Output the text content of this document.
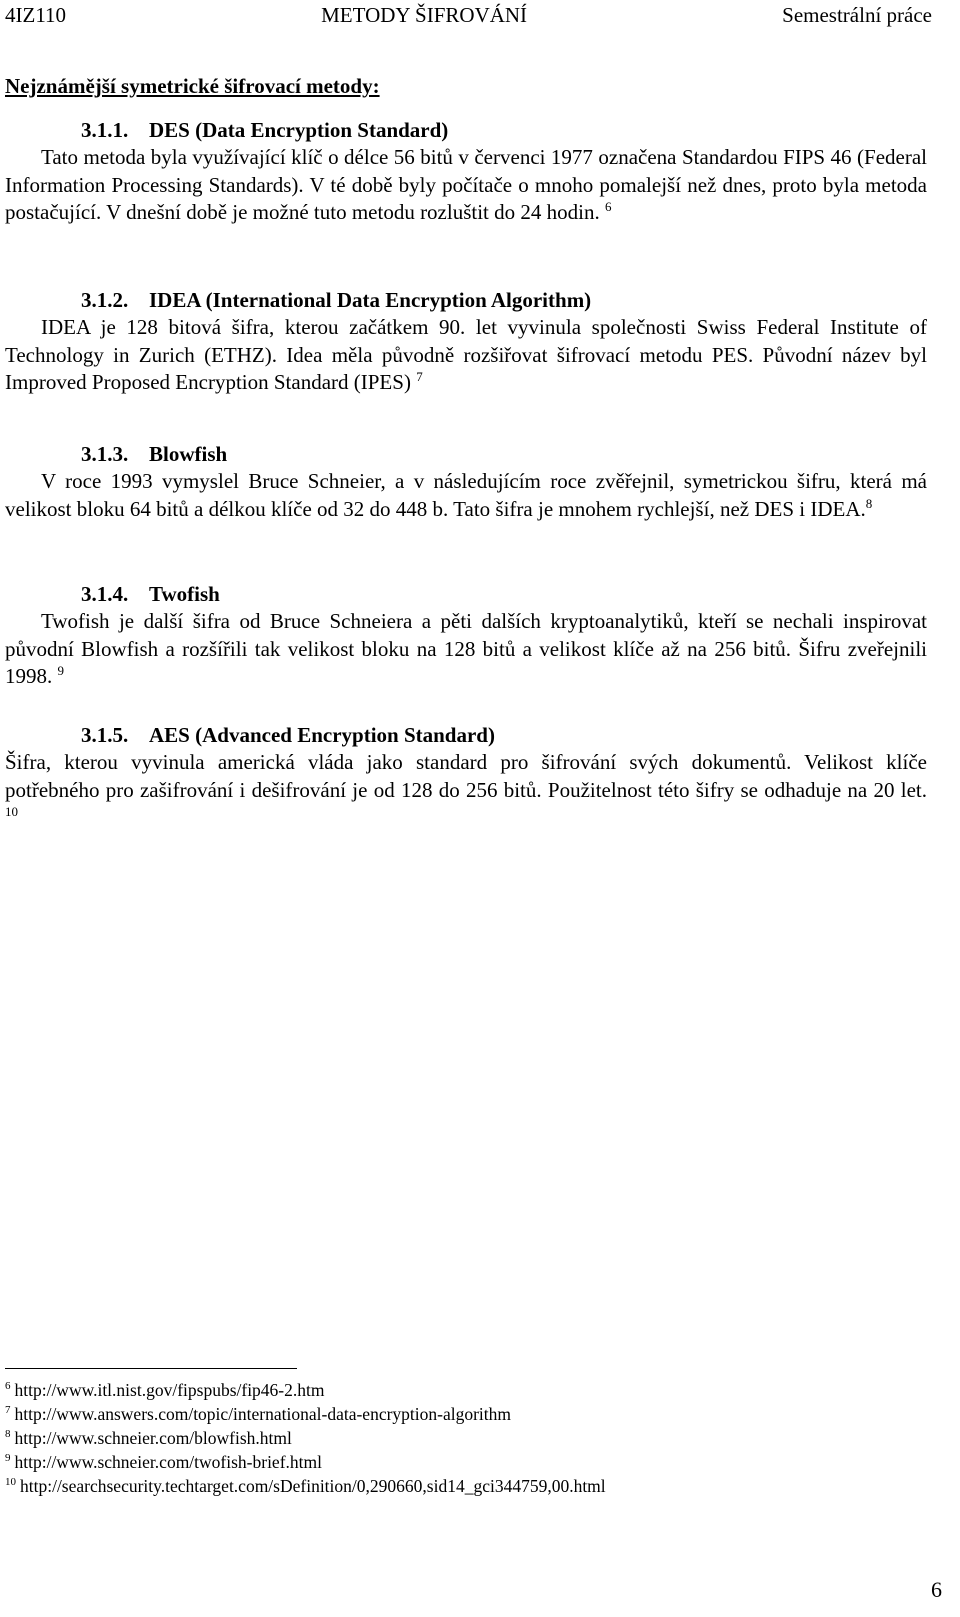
4IZ110	METODY ŠIFROVÁNÍ	Semestrální práce
Nejznámější symetrické šifrovací metody:
3.1.1. DES (Data Encryption Standard)
Tato metoda byla využívající klíč o délce 56 bitů v červenci 1977 označena Standardou FIPS 46 (Federal Information Processing Standards). V té době byly počítače o mnoho pomalejší než dnes, proto byla metoda postačující. V dnešní době je možné tuto metodu rozluštit do 24 hodin. $^6$
3.1.2. IDEA (International Data Encryption Algorithm)
IDEA je 128 bitová šifra, kterou začátkem 90. let vyvinula společnosti Swiss Federal Institute of Technology in Zurich (ETHZ). Idea měla původně rozšiřovat šifrovací metodu PES. Původní název byl Improved Proposed Encryption Standard (IPES) $^7$
3.1.3. Blowfish
V roce 1993 vymyslel Bruce Schneier, a v následujícím roce zvěřejnil, symetrickou šifru, která má velikost bloku 64 bitů a délkou klíče od 32 do 448 b. Tato šifra je mnohem rychlejší, než DES i IDEA.$^8$
3.1.4. Twofish
Twofish je další šifra od Bruce Schneiera a pěti dalších kryptoanalytiků, kteří se nechali inspirovat původní Blowfish a rozšířili tak velikost bloku na 128 bitů a velikost klíče až na 256 bitů. Šifru zveřejnili 1998. $^9$
3.1.5. AES (Advanced Encryption Standard)
Šifra, kterou vyvinula americká vláda jako standard pro šifrování svých dokumentů. Velikost klíče potřebného pro zašifrování i dešifrování je od 128 do 256 bitů. Použitelnost této šifry se odhaduje na 20 let. $^{10}$
$^6$ http://www.itl.nist.gov/fipspubs/fip46-2.htm
$^7$ http://www.answers.com/topic/international-data-encryption-algorithm
$^8$ http://www.schneier.com/blowfish.html
$^9$ http://www.schneier.com/twofish-brief.html
$^{10}$ http://searchsecurity.techtarget.com/sDefinition/0,290660,sid14_gci344759,00.html
6
